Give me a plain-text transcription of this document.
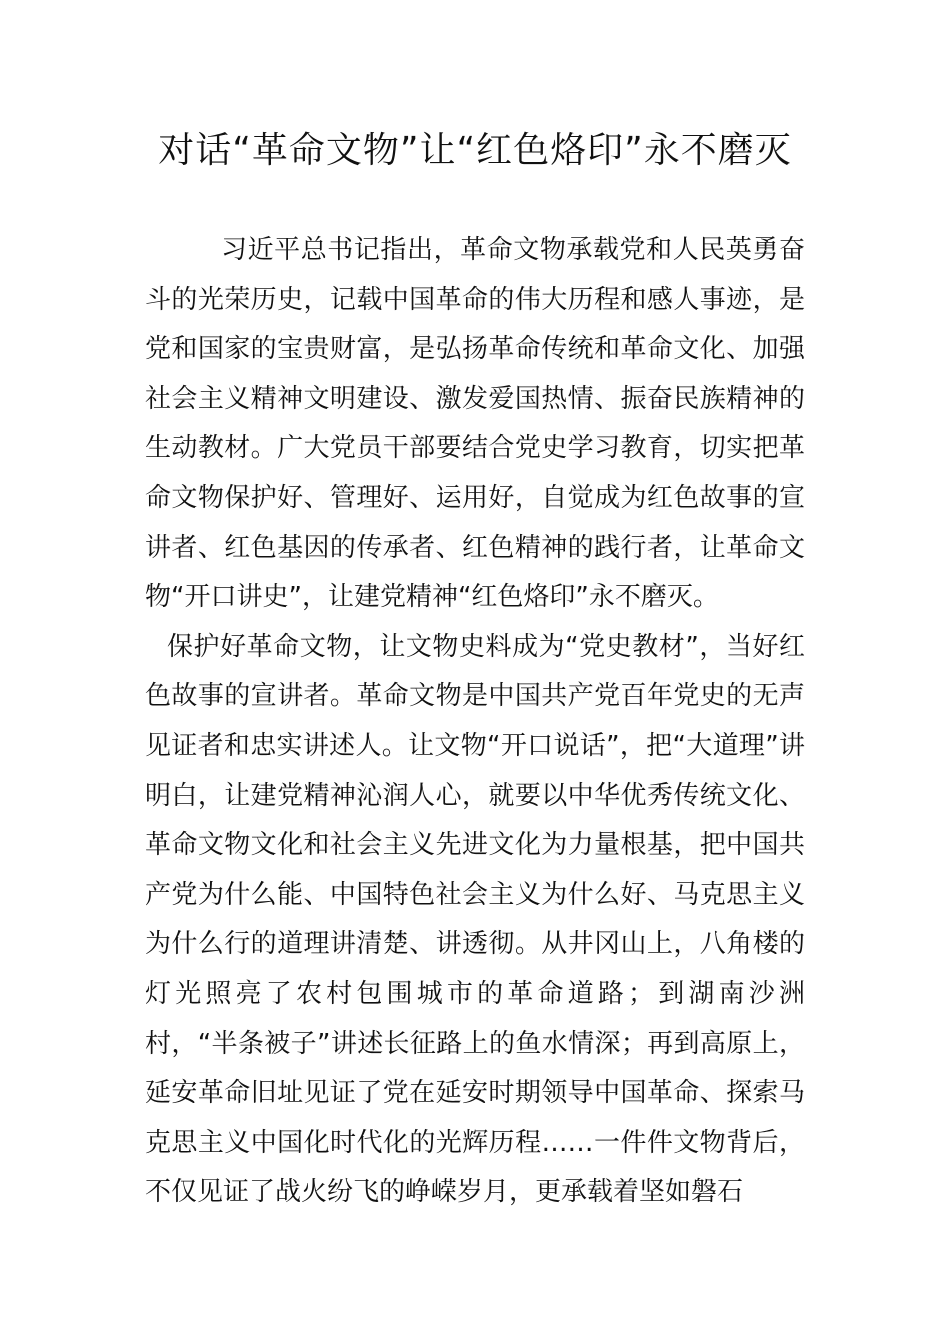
对话“革命文物”让“红色烙印”永不磨灭

习近平总书记指出，革命文物承载党和人民英勇奋斗的光荣历史，记载中国革命的伟大历程和感人事迹，是党和国家的宝贵财富，是弘扬革命传统和革命文化、加强社会主义精神文明建设、激发爱国热情、振奋民族精神的生动教材。广大党员干部要结合党史学习教育，切实把革命文物保护好、管理好、运用好，自觉成为红色故事的宣讲者、红色基因的传承者、红色精神的践行者，让革命文物“开口讲史”，让建党精神“红色烙印”永不磨灭。

保护好革命文物，让文物史料成为“党史教材”，当好红色故事的宣讲者。革命文物是中国共产党百年党史的无声见证者和忠实讲述人。让文物“开口说话”，把“大道理”讲明白，让建党精神沁润人心，就要以中华优秀传统文化、革命文物文化和社会主义先进文化为力量根基，把中国共产党为什么能、中国特色社会主义为什么好、马克思主义为什么行的道理讲清楚、讲透彻。从井冈山上，八角楼的灯光照亮了农村包围城市的革命道路；到湖南沙洲村，“半条被子”讲述长征路上的鱼水情深；再到高原上，延安革命旧址见证了党在延安时期领导中国革命、探索马克思主义中国化时代化的光辉历程……一件件文物背后，不仅见证了战火纷飞的峥嵘岁月，更承载着坚如磐石
